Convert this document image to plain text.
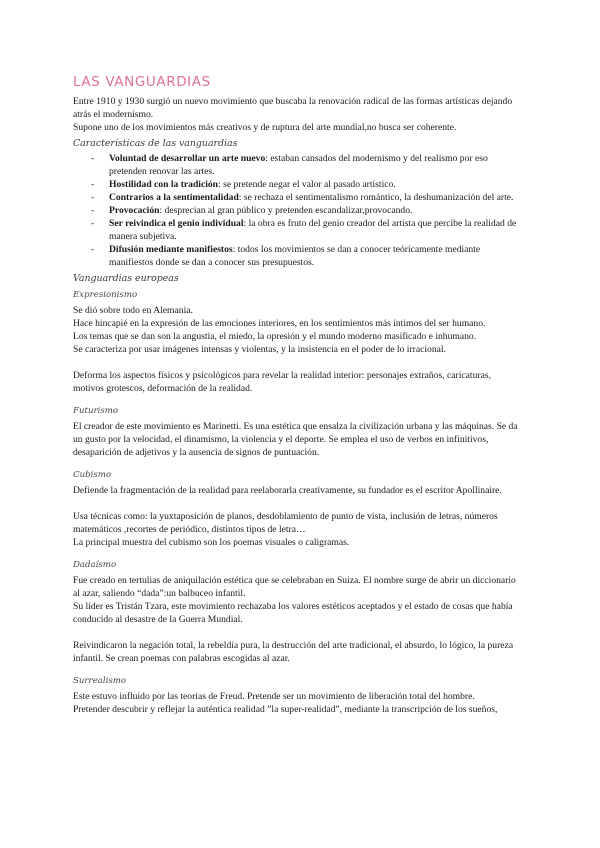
LAS VANGUARDIAS

Entre 1910 y 1930 surgió un nuevo movimiento que buscaba la renovación radical de las formas artísticas dejando atrás el modernismo.

Supone uno de los movimientos más creativos y de ruptura del arte mundial,no busca ser coherente.

Características de las vanguardias
- Voluntad de desarrollar un arte nuevo: estaban cansados del modernismo y del realismo por eso pretenden renovar las artes.
- Hostilidad con la tradición: se pretende negar el valor al pasado artístico.
- Contrarios a la sentimentalidad: se rechaza el sentimentalismo romántico, la deshumanización del arte.
- Provocación: desprecian al gran público y pretenden escandalizar,provocando.
- Ser reivindica el genio individual: la obra es fruto del genio creador del artista que percibe la realidad de manera subjetiva.
- Difusión mediante manifiestos: todos los movimientos se dan a conocer teóricamente mediante manifiestos donde se dan a conocer sus presupuestos.
Vanguardias europeas
Expresionismo

Se dió sobre todo en Alemania.

Hace hincapié en la expresión de las emociones interiores, en los sentimientos más íntimos del ser humano.

Los temas que se dan son la angustia, el miedo, la opresión y el mundo moderno masificado e inhumano.

Se caracteriza por usar imágenes intensas y violentas, y la insistencia en el poder de lo irracional.

Deforma los aspectos físicos y psicológicos para revelar la realidad interior: personajes extraños, caricaturas, motivos grotescos, deformación de la realidad.

Futurismo

El creador de este movimiento es Marinetti. Es una estética que ensalza la civilización urbana y las máquinas. Se da un gusto por la velocidad, el dinamismo, la violencia y el deporte. Se emplea el uso de verbos en infinitivos, desaparición de adjetivos y la ausencia de signos de puntuación.

Cubismo

Defiende la fragmentación de la realidad para reelaborarla creativamente, su fundador es el escritor Apollinaire.

Usa técnicas como: la yuxtaposición de planos, desdoblamiento de punto de vista, inclusión de letras, números matemáticos ,recortes de periódico, distintos tipos de letra…

La principal muestra del cubismo son los poemas visuales o caligramas.

Dadaísmo

Fue creado en tertulias de aniquilación estética que se celebraban en Suiza. El nombre surge de abrir un diccionario al azar, saliendo “dada”:un balbuceo infantil.

Su líder es Tristán Tzara, este movimiento rechazaba los valores estéticos aceptados y el estado de cosas que había conducido al desastre de la Guerra Mundial.

Reivindicaron la negación total, la rebeldía pura, la destrucción del arte tradicional, el absurdo, lo lógico, la pureza infantil. Se crean poemas con palabras escogidas al azar.

Surrealismo

Este estuvo influido por las teorías de Freud. Pretende ser un movimiento de liberación total del hombre.

Pretender descubrir y reflejar la auténtica realidad ”la super-realidad”, mediante la transcripción de los sueños,
